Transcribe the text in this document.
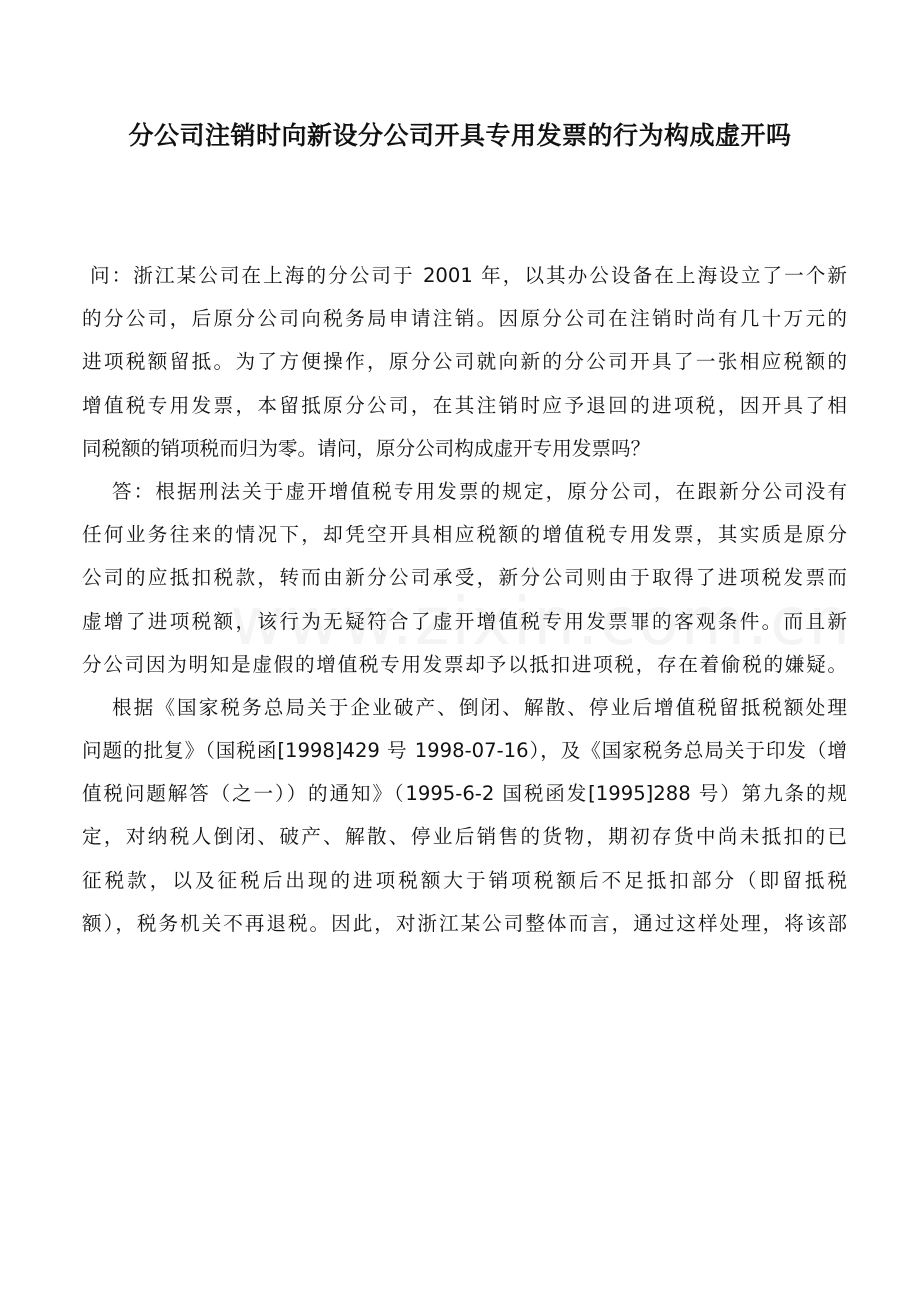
分公司注销时向新设分公司开具专用发票的行为构成虚开吗
问：浙江某公司在上海的分公司于 2001 年，以其办公设备在上海设立了一个新
的分公司，后原分公司向税务局申请注销。因原分公司在注销时尚有几十万元的
进项税额留抵。为了方便操作，原分公司就向新的分公司开具了一张相应税额的
增值税专用发票，本留抵原分公司，在其注销时应予退回的进项税，因开具了相
同税额的销项税而归为零。请问，原分公司构成虚开专用发票吗？
答：根据刑法关于虚开增值税专用发票的规定，原分公司，在跟新分公司没有
任何业务往来的情况下，却凭空开具相应税额的增值税专用发票，其实质是原分
公司的应抵扣税款，转而由新分公司承受，新分公司则由于取得了进项税发票而
虚增了进项税额，该行为无疑符合了虚开增值税专用发票罪的客观条件。而且新
分公司因为明知是虚假的增值税专用发票却予以抵扣进项税，存在着偷税的嫌疑。
根据《国家税务总局关于企业破产、倒闭、解散、停业后增值税留抵税额处理
问题的批复》（国税函[1998]429 号 1998-07-16），及《国家税务总局关于印发（增
值税问题解答（之一））的通知》（1995-6-2 国税函发[1995]288 号）第九条的规
定，对纳税人倒闭、破产、解散、停业后销售的货物，期初存货中尚未抵扣的已
征税款，以及征税后出现的进项税额大于销项税额后不足抵扣部分（即留抵税
额），税务机关不再退税。因此，对浙江某公司整体而言，通过这样处理，将该部
